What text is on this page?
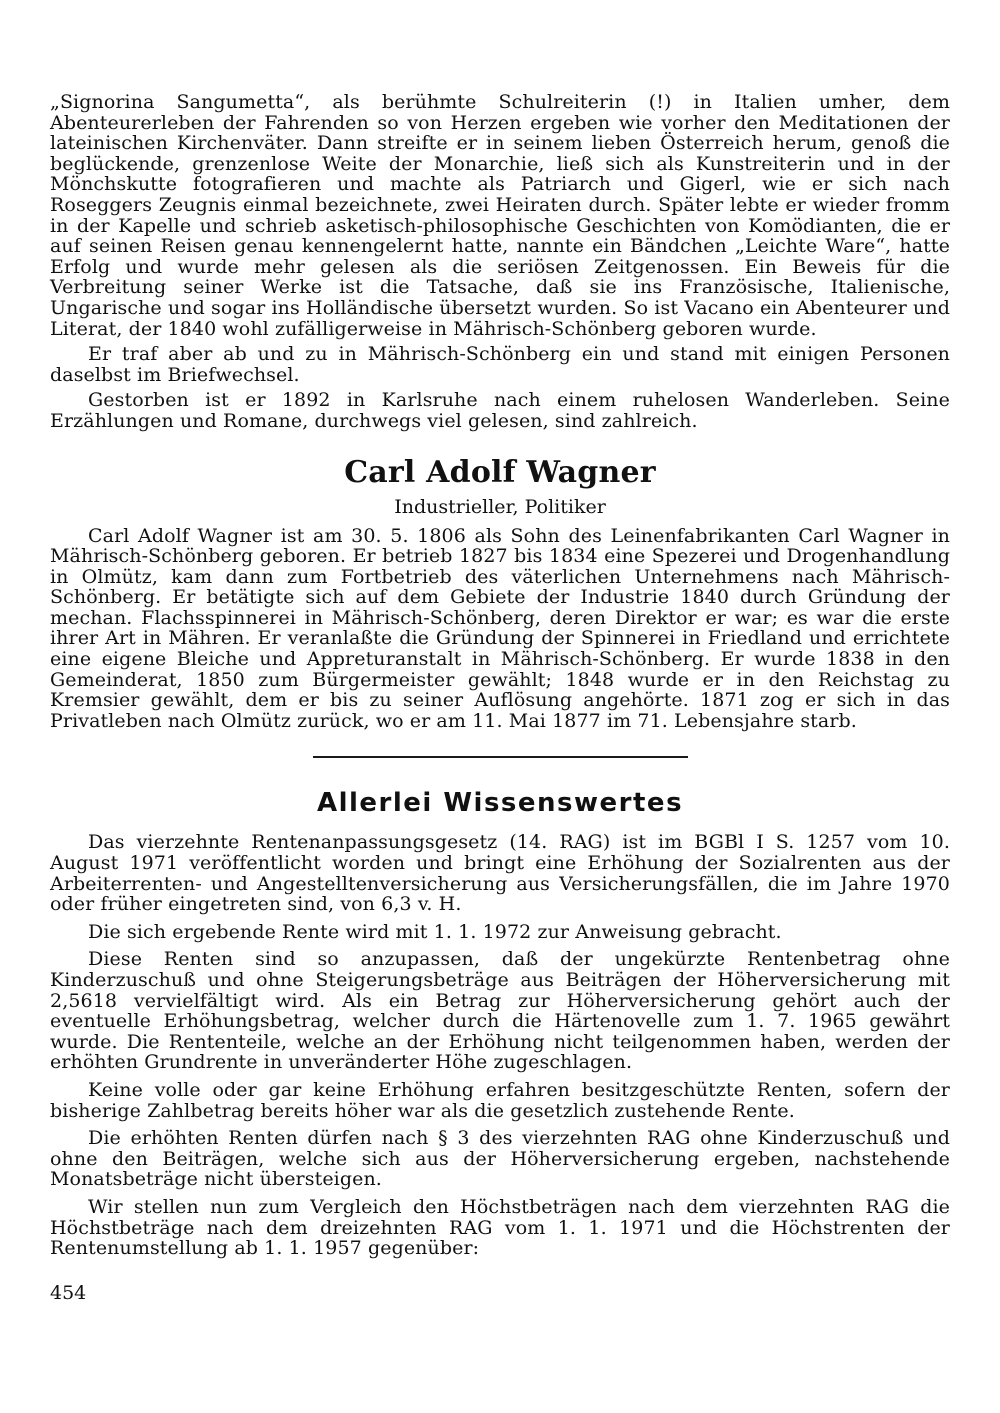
„Signorina Sangumetta“, als berühmte Schulreiterin (!) in Italien umher, dem Abenteurerleben der Fahrenden so von Herzen ergeben wie vorher den Meditationen der lateinischen Kirchenväter. Dann streifte er in seinem lieben Österreich herum, genoß die beglückende, grenzenlose Weite der Monarchie, ließ sich als Kunstreiterin und in der Mönchskutte fotografieren und machte als Patriarch und Gigerl, wie er sich nach Roseggers Zeugnis einmal bezeichnete, zwei Heiraten durch. Später lebte er wieder fromm in der Kapelle und schrieb asketisch-philosophische Geschichten von Komödianten, die er auf seinen Reisen genau kennengelernt hatte, nannte ein Bändchen „Leichte Ware“, hatte Erfolg und wurde mehr gelesen als die seriösen Zeitgenossen. Ein Beweis für die Verbreitung seiner Werke ist die Tatsache, daß sie ins Französische, Italienische, Ungarische und sogar ins Holländische übersetzt wurden. So ist Vacano ein Abenteurer und Literat, der 1840 wohl zufälligerweise in Mährisch-Schönberg geboren wurde.

Er traf aber ab und zu in Mährisch-Schönberg ein und stand mit einigen Personen daselbst im Briefwechsel.

Gestorben ist er 1892 in Karlsruhe nach einem ruhelosen Wanderleben. Seine Erzählungen und Romane, durchwegs viel gelesen, sind zahlreich.

Carl Adolf Wagner
Industrieller, Politiker

Carl Adolf Wagner ist am 30. 5. 1806 als Sohn des Leinenfabrikanten Carl Wagner in Mährisch-Schönberg geboren. Er betrieb 1827 bis 1834 eine Spezerei und Drogenhandlung in Olmütz, kam dann zum Fortbetrieb des väterlichen Unternehmens nach Mährisch-Schönberg. Er betätigte sich auf dem Gebiete der Industrie 1840 durch Gründung der mechan. Flachsspinnerei in Mährisch-Schönberg, deren Direktor er war; es war die erste ihrer Art in Mähren. Er veranlaßte die Gründung der Spinnerei in Friedland und errichtete eine eigene Bleiche und Appreturanstalt in Mährisch-Schönberg. Er wurde 1838 in den Gemeinderat, 1850 zum Bürgermeister gewählt; 1848 wurde er in den Reichstag zu Kremsier gewählt, dem er bis zu seiner Auflösung angehörte. 1871 zog er sich in das Privatleben nach Olmütz zurück, wo er am 11. Mai 1877 im 71. Lebensjahre starb.

Allerlei Wissenswertes

Das vierzehnte Rentenanpassungsgesetz (14. RAG) ist im BGBl I S. 1257 vom 10. August 1971 veröffentlicht worden und bringt eine Erhöhung der Sozialrenten aus der Arbeiterrenten- und Angestelltenversicherung aus Versicherungsfällen, die im Jahre 1970 oder früher eingetreten sind, von 6,3 v. H.

Die sich ergebende Rente wird mit 1. 1. 1972 zur Anweisung gebracht.

Diese Renten sind so anzupassen, daß der ungekürzte Rentenbetrag ohne Kinderzuschuß und ohne Steigerungsbeträge aus Beiträgen der Höherversicherung mit 2,5618 vervielfältigt wird. Als ein Betrag zur Höherversicherung gehört auch der eventuelle Erhöhungsbetrag, welcher durch die Härtenovelle zum 1. 7. 1965 gewährt wurde. Die Rententeile, welche an der Erhöhung nicht teilgenommen haben, werden der erhöhten Grundrente in unveränderter Höhe zugeschlagen.

Keine volle oder gar keine Erhöhung erfahren besitzgeschützte Renten, sofern der bisherige Zahlbetrag bereits höher war als die gesetzlich zustehende Rente.

Die erhöhten Renten dürfen nach § 3 des vierzehnten RAG ohne Kinderzuschuß und ohne den Beiträgen, welche sich aus der Höherversicherung ergeben, nachstehende Monatsbeträge nicht übersteigen.

Wir stellen nun zum Vergleich den Höchstbeträgen nach dem vierzehnten RAG die Höchstbeträge nach dem dreizehnten RAG vom 1. 1. 1971 und die Höchstrenten der Rentenumstellung ab 1. 1. 1957 gegenüber:

454
